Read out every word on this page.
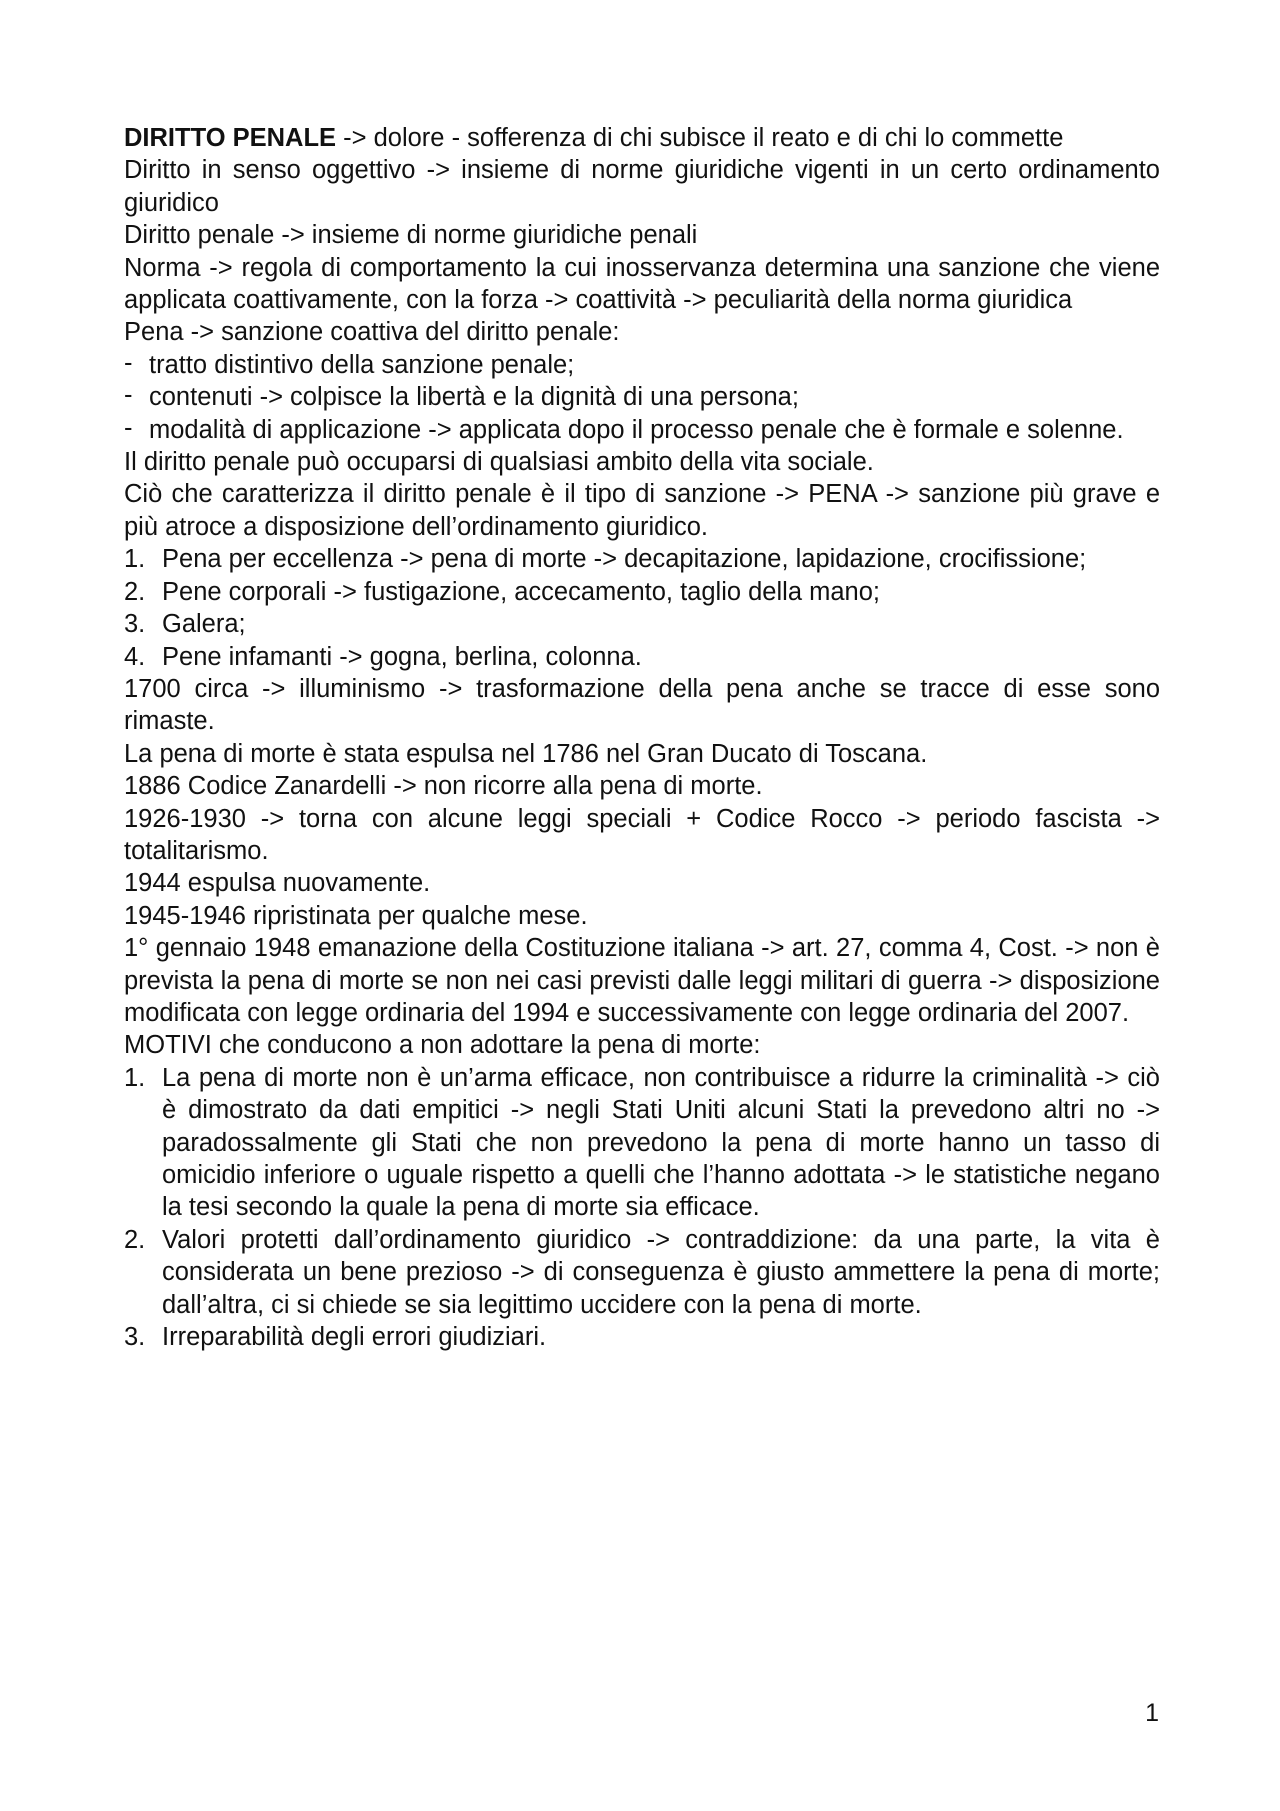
DIRITTO PENALE -> dolore - sofferenza di chi subisce il reato e di chi lo commette

Diritto in senso oggettivo -> insieme di norme giuridiche vigenti in un certo ordinamento giuridico

Diritto penale -> insieme di norme giuridiche penali

Norma -> regola di comportamento la cui inosservanza determina una sanzione che viene applicata coattivamente, con la forza -> coattività -> peculiarità della norma giuridica

Pena -> sanzione coattiva del diritto penale:

- tratto distintivo della sanzione penale;
- contenuti -> colpisce la libertà e la dignità di una persona;
- modalità di applicazione -> applicata dopo il processo penale che è formale e solenne.

Il diritto penale può occuparsi di qualsiasi ambito della vita sociale.

Ciò che caratterizza il diritto penale è il tipo di sanzione -> PENA -> sanzione più grave e più atroce a disposizione dell’ordinamento giuridico.

1. Pena per eccellenza -> pena di morte -> decapitazione, lapidazione, crocifissione;
2. Pene corporali -> fustigazione, accecamento, taglio della mano;
3. Galera;
4. Pene infamanti -> gogna, berlina, colonna.

1700 circa -> illuminismo -> trasformazione della pena anche se tracce di esse sono rimaste.

La pena di morte è stata espulsa nel 1786 nel Gran Ducato di Toscana.

1886 Codice Zanardelli -> non ricorre alla pena di morte.

1926-1930 -> torna con alcune leggi speciali + Codice Rocco -> periodo fascista -> totalitarismo.

1944 espulsa nuovamente.

1945-1946 ripristinata per qualche mese.

1° gennaio 1948 emanazione della Costituzione italiana -> art. 27, comma 4, Cost. -> non è prevista la pena di morte se non nei casi previsti dalle leggi militari di guerra -> disposizione modificata con legge ordinaria del 1994 e successivamente con legge ordinaria del 2007.

MOTIVI che conducono a non adottare la pena di morte:

1. La pena di morte non è un’arma efficace, non contribuisce a ridurre la criminalità -> ciò è dimostrato da dati empitici -> negli Stati Uniti alcuni Stati la prevedono altri no -> paradossalmente gli Stati che non prevedono la pena di morte hanno un tasso di omicidio inferiore o uguale rispetto a quelli che l’hanno adottata -> le statistiche negano la tesi secondo la quale la pena di morte sia efficace.
2. Valori protetti dall’ordinamento giuridico -> contraddizione: da una parte, la vita è considerata un bene prezioso -> di conseguenza è giusto ammettere la pena di morte; dall’altra, ci si chiede se sia legittimo uccidere con la pena di morte.
3. Irreparabilità degli errori giudiziari.
1
